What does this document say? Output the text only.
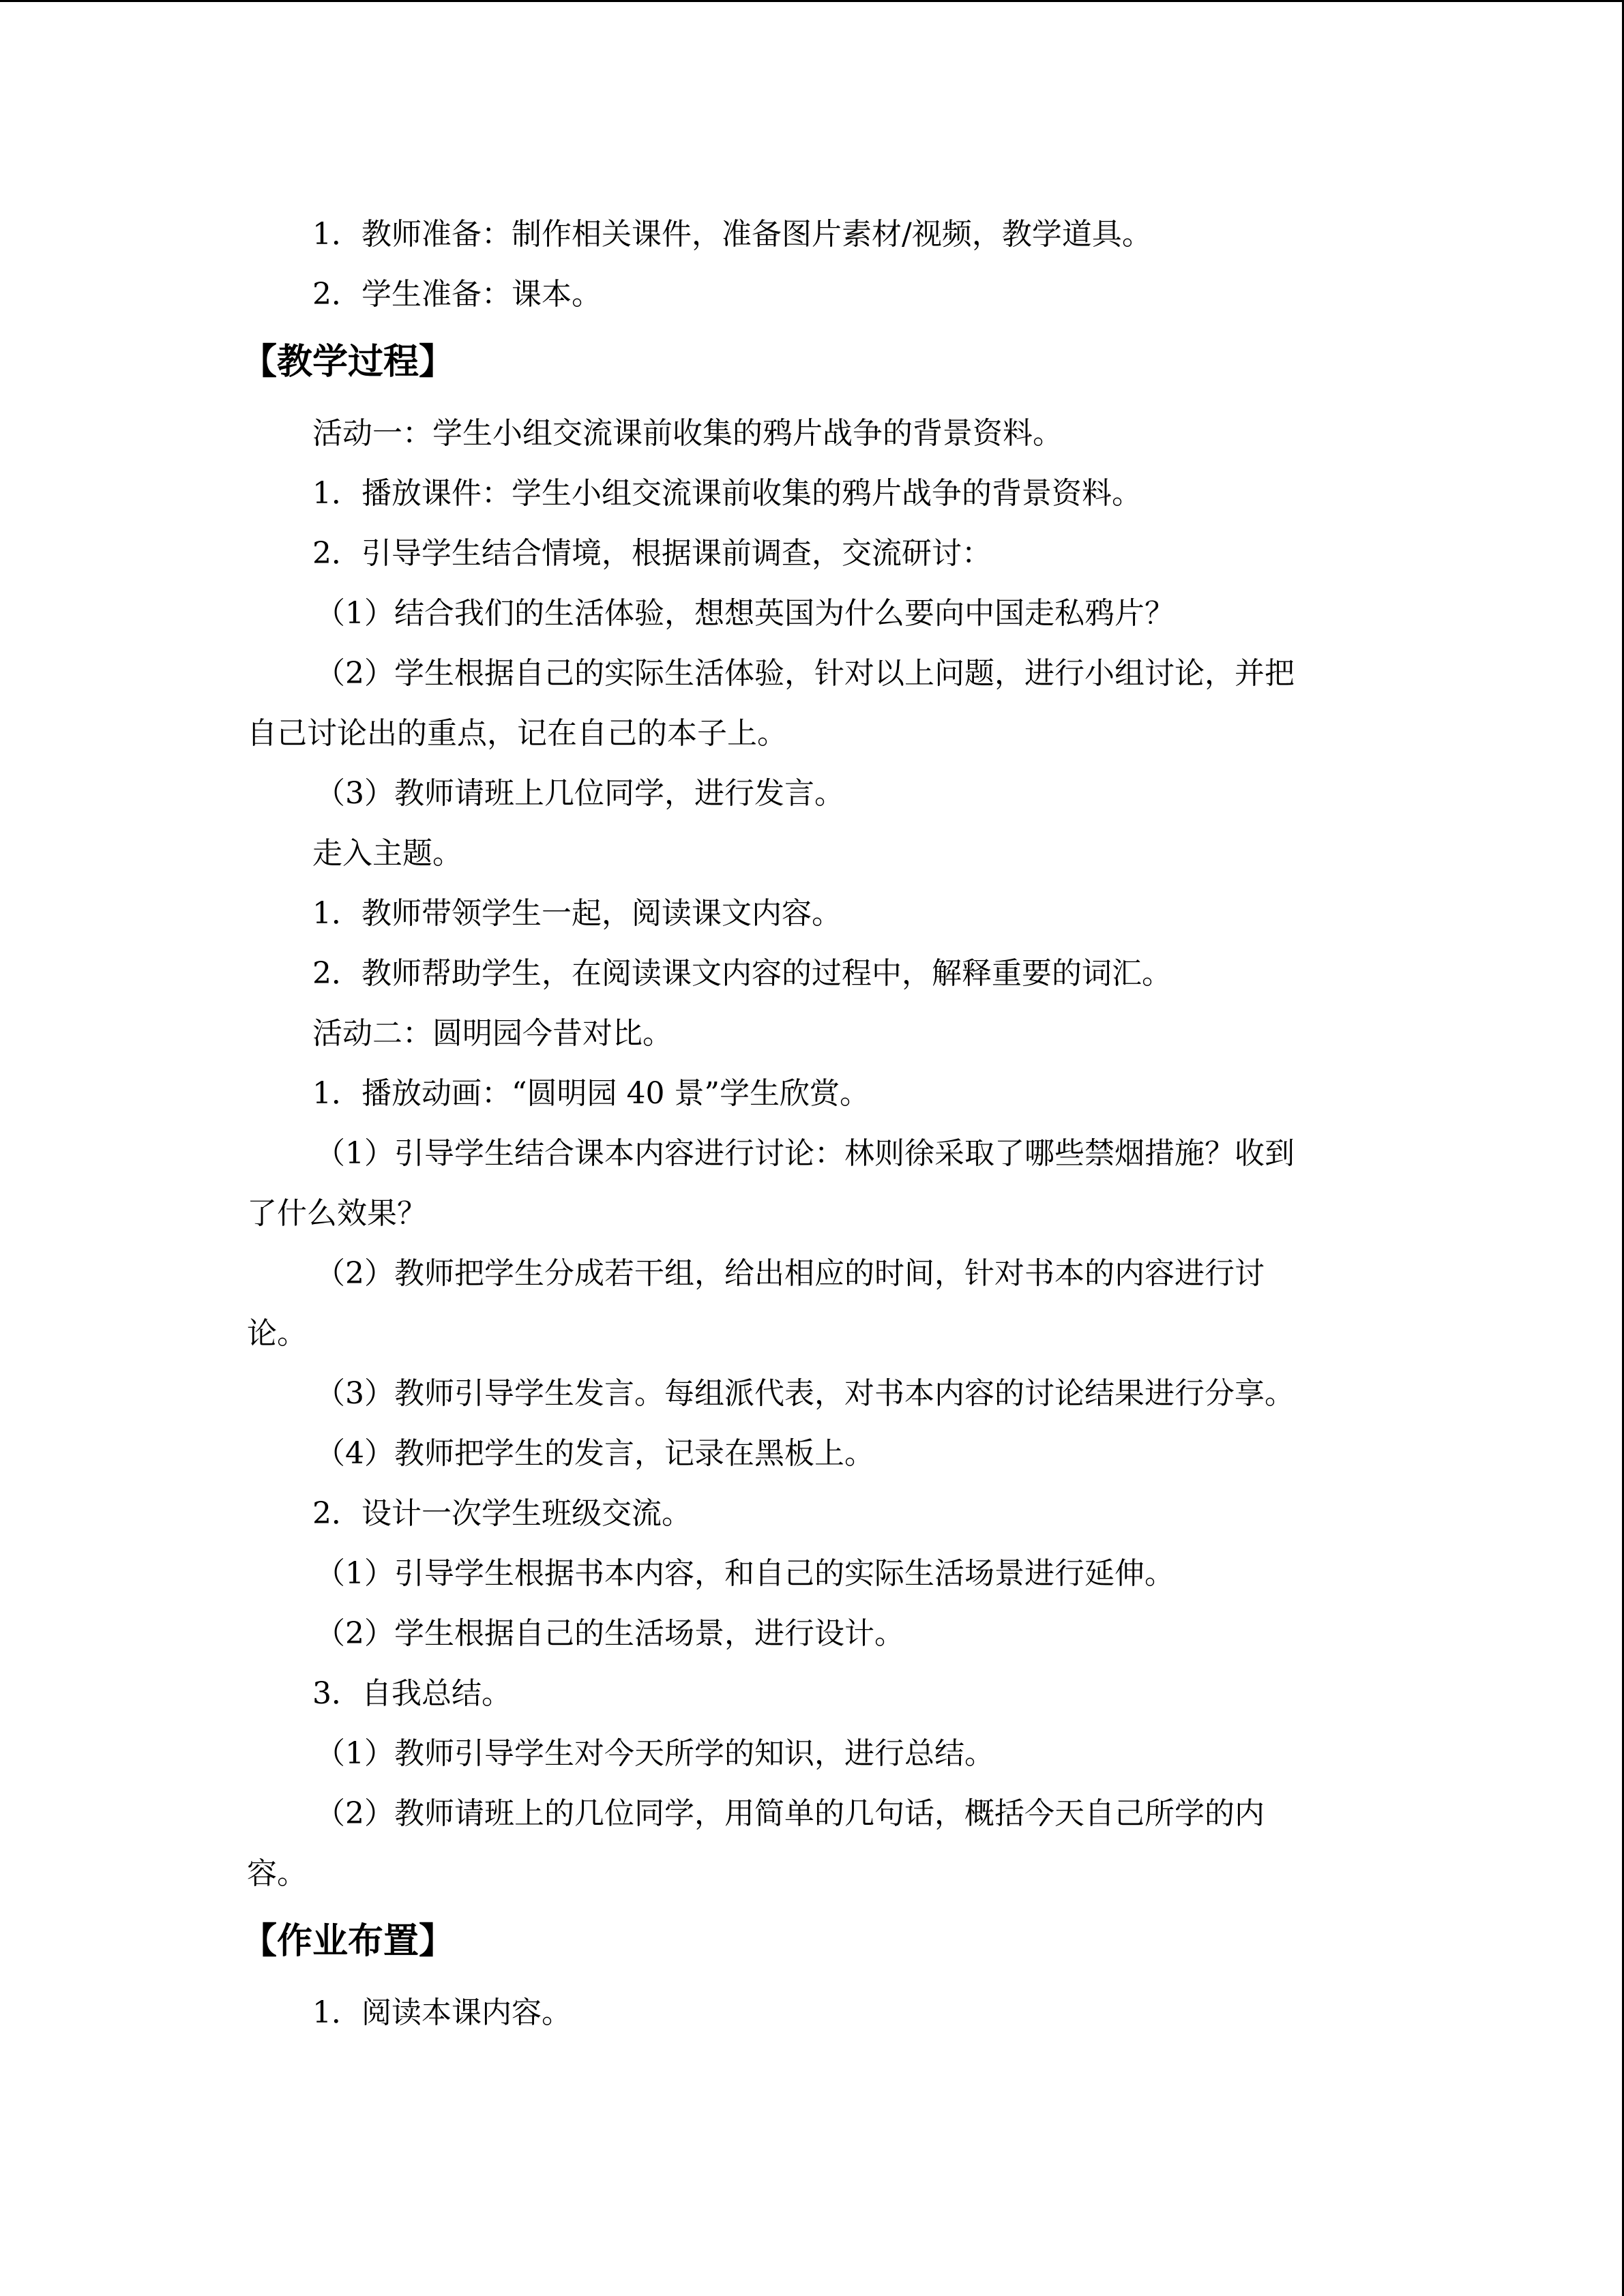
1．教师准备：制作相关课件，准备图片素材/视频，教学道具。
2．学生准备：课本。
【教学过程】
活动一：学生小组交流课前收集的鸦片战争的背景资料。
1．播放课件：学生小组交流课前收集的鸦片战争的背景资料。
2．引导学生结合情境，根据课前调查，交流研讨：
（1）结合我们的生活体验，想想英国为什么要向中国走私鸦片？
（2）学生根据自己的实际生活体验，针对以上问题，进行小组讨论，并把
自己讨论出的重点，记在自己的本子上。
（3）教师请班上几位同学，进行发言。
走入主题。
1．教师带领学生一起，阅读课文内容。
2．教师帮助学生，在阅读课文内容的过程中，解释重要的词汇。
活动二：圆明园今昔对比。
1．播放动画：“圆明园 40 景”学生欣赏。
（1）引导学生结合课本内容进行讨论：林则徐采取了哪些禁烟措施？收到
了什么效果？
（2）教师把学生分成若干组，给出相应的时间，针对书本的内容进行讨
论。
（3）教师引导学生发言。每组派代表，对书本内容的讨论结果进行分享。
（4）教师把学生的发言，记录在黑板上。
2．设计一次学生班级交流。
（1）引导学生根据书本内容，和自己的实际生活场景进行延伸。
（2）学生根据自己的生活场景，进行设计。
3．自我总结。
（1）教师引导学生对今天所学的知识，进行总结。
（2）教师请班上的几位同学，用简单的几句话，概括今天自己所学的内
容。
【作业布置】
1．阅读本课内容。
